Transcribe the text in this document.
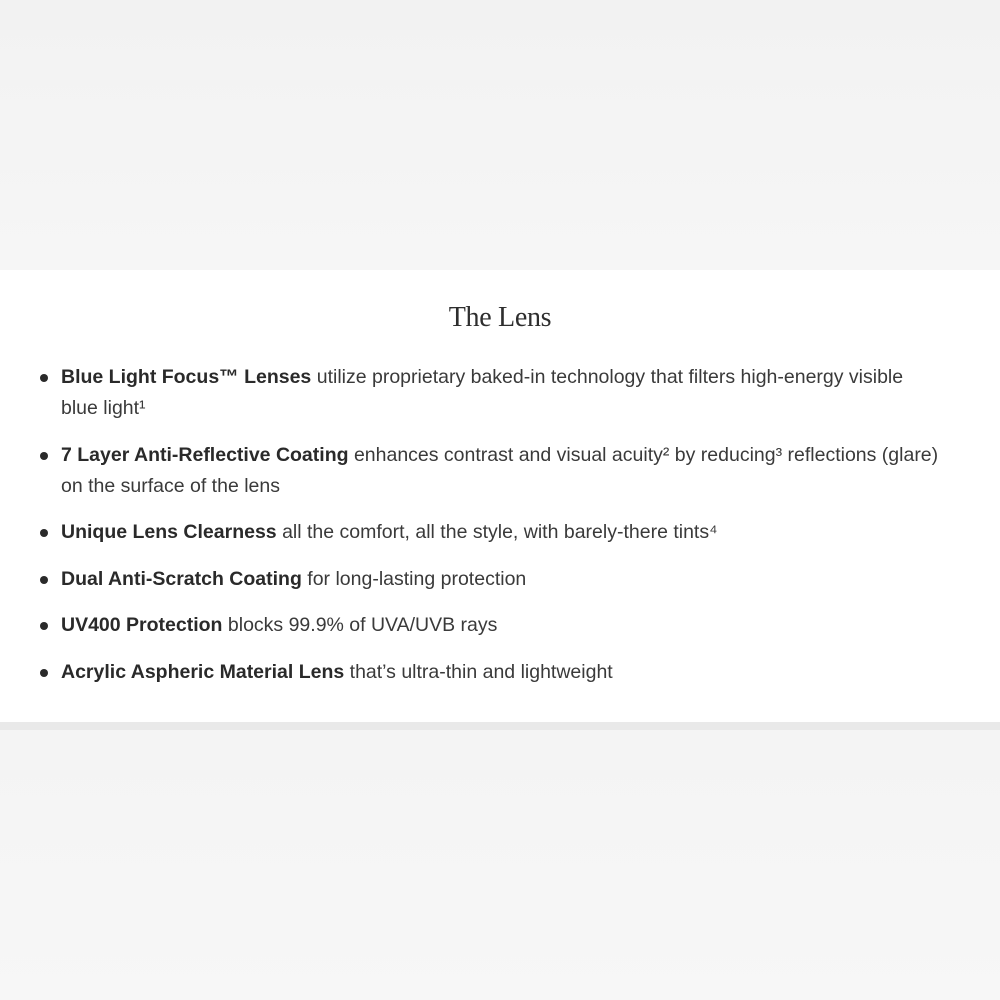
The Lens
Blue Light Focus™ Lenses utilize proprietary baked-in technology that filters high-energy visible blue light¹
7 Layer Anti-Reflective Coating enhances contrast and visual acuity² by reducing³ reflections (glare) on the surface of the lens
Unique Lens Clearness all the comfort, all the style, with barely-there tints⁴
Dual Anti-Scratch Coating for long-lasting protection
UV400 Protection blocks 99.9% of UVA/UVB rays
Acrylic Aspheric Material Lens that’s ultra-thin and lightweight
